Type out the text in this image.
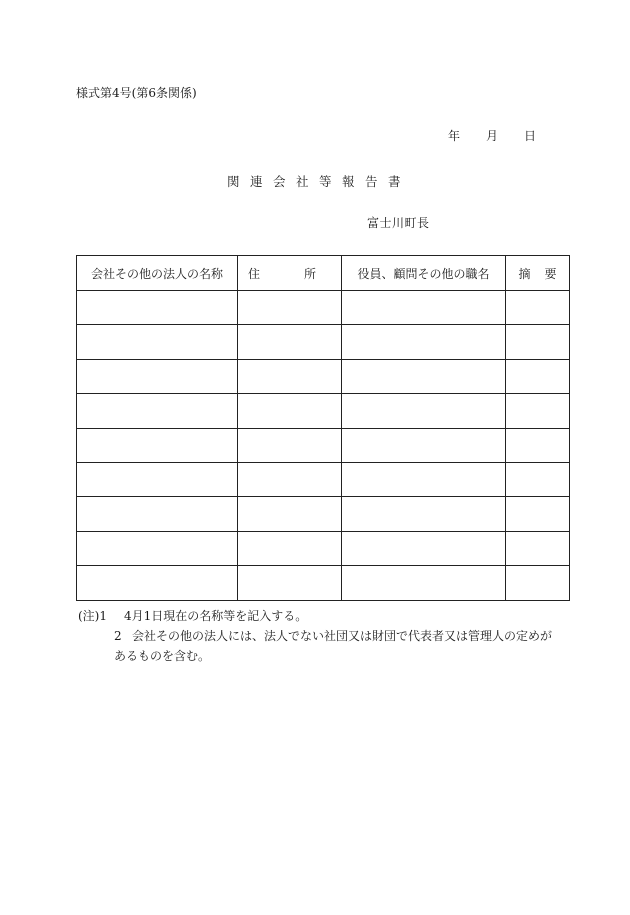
様式第4号(第6条関係)
年 月 日
関連会社等報告書
富士川町長
会社その他の法人の名称	住 所	役員、顧問その他の職名	摘 要

(注)1 4月1日現在の名称等を記入する。
2 会社その他の法人には、法人でない社団又は財団で代表者又は管理人の定めが
あるものを含む。
